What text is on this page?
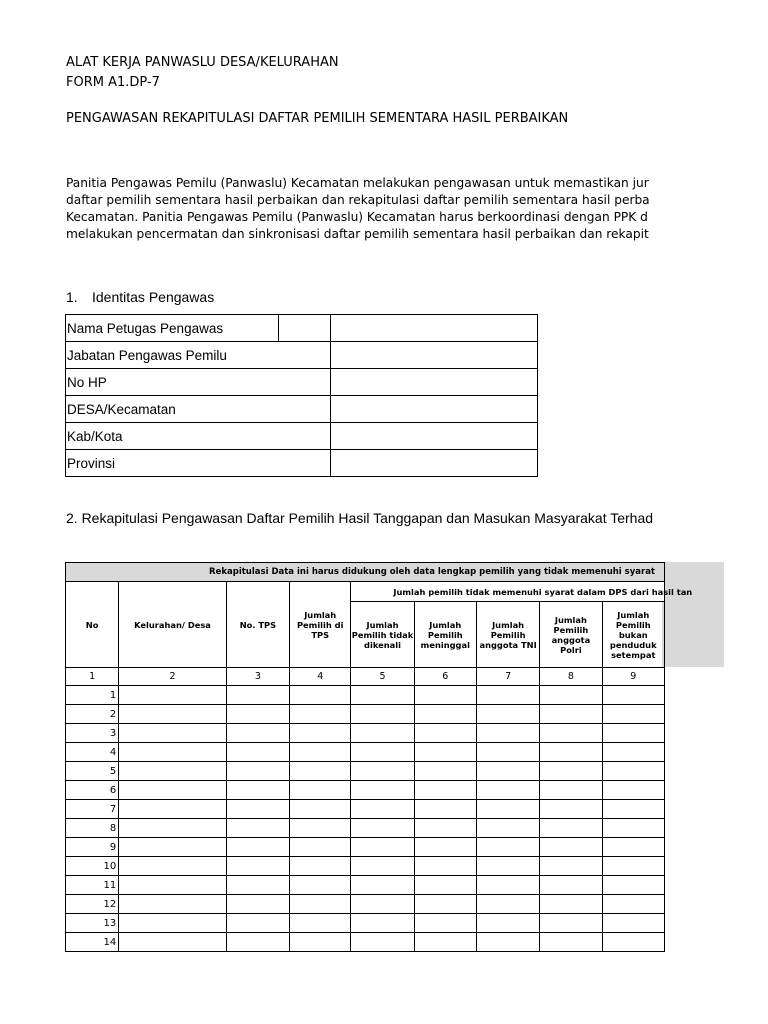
ALAT KERJA PANWASLU DESA/KELURAHAN
FORM A1.DP-7
PENGAWASAN REKAPITULASI DAFTAR PEMILIH SEMENTARA HASIL PERBAIKAN
Panitia Pengawas Pemilu (Panwaslu) Kecamatan melakukan pengawasan untuk memastikan jur
daftar pemilih sementara hasil perbaikan dan rekapitulasi daftar pemilih sementara hasil perba
Kecamatan. Panitia Pengawas Pemilu (Panwaslu) Kecamatan harus berkoordinasi dengan PPK d
melakukan pencermatan dan sinkronisasi daftar pemilih sementara hasil perbaikan dan rekapit
1. Identitas Pengawas
Nama Petugas Pengawas		
Jabatan Pengawas Pemilu		
No HP		
DESA/Kecamatan		
Kab/Kota		
Provinsi		
2. Rekapitulasi Pengawasan Daftar Pemilih Hasil Tanggapan dan Masukan Masyarakat Terhad
Rekapitulasi Data ini harus didukung oleh data lengkap pemilih yang tidak memenuhi syarat								
No	Kelurahan/ Desa	No. TPS	Jumlah Pemilih di TPS	Jumlah pemilih tidak memenuhi syarat dalam DPS dari hasil tan				
				Jumlah Pemilih tidak dikenali	Jumlah Pemilih meninggal	Jumlah Pemilih anggota TNI	Jumlah Pemilih anggota Polri	Jumlah Pemilih bukan penduduk setempat
1	2	3	4	5	6	7	8	9
1								
2								
3								
4								
5								
6								
7								
8								
9								
10								
11								
12								
13								
14								
